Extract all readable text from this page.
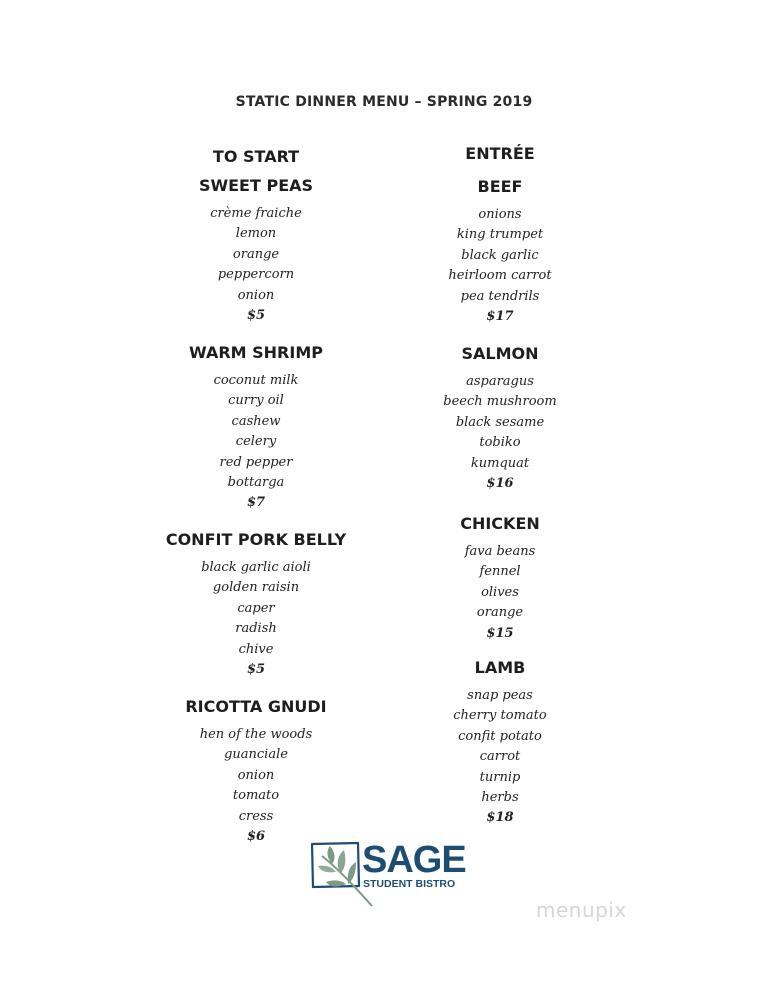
STATIC DINNER MENU – SPRING 2019
TO START
SWEET PEAS
crème fraiche
lemon
orange
peppercorn
onion
$5
WARM SHRIMP
coconut milk
curry oil
cashew
celery
red pepper
bottarga
$7
CONFIT PORK BELLY
black garlic aioli
golden raisin
caper
radish
chive
$5
RICOTTA GNUDI
hen of the woods
guanciale
onion
tomato
cress
$6
ENTRÉE
BEEF
onions
king trumpet
black garlic
heirloom carrot
pea tendrils
$17
SALMON
asparagus
beech mushroom
black sesame
tobiko
kumquat
$16
CHICKEN
fava beans
fennel
olives
orange
$15
LAMB
snap peas
cherry tomato
confit potato
carrot
turnip
herbs
$18
SAGE
STUDENT BISTRO
menupix
